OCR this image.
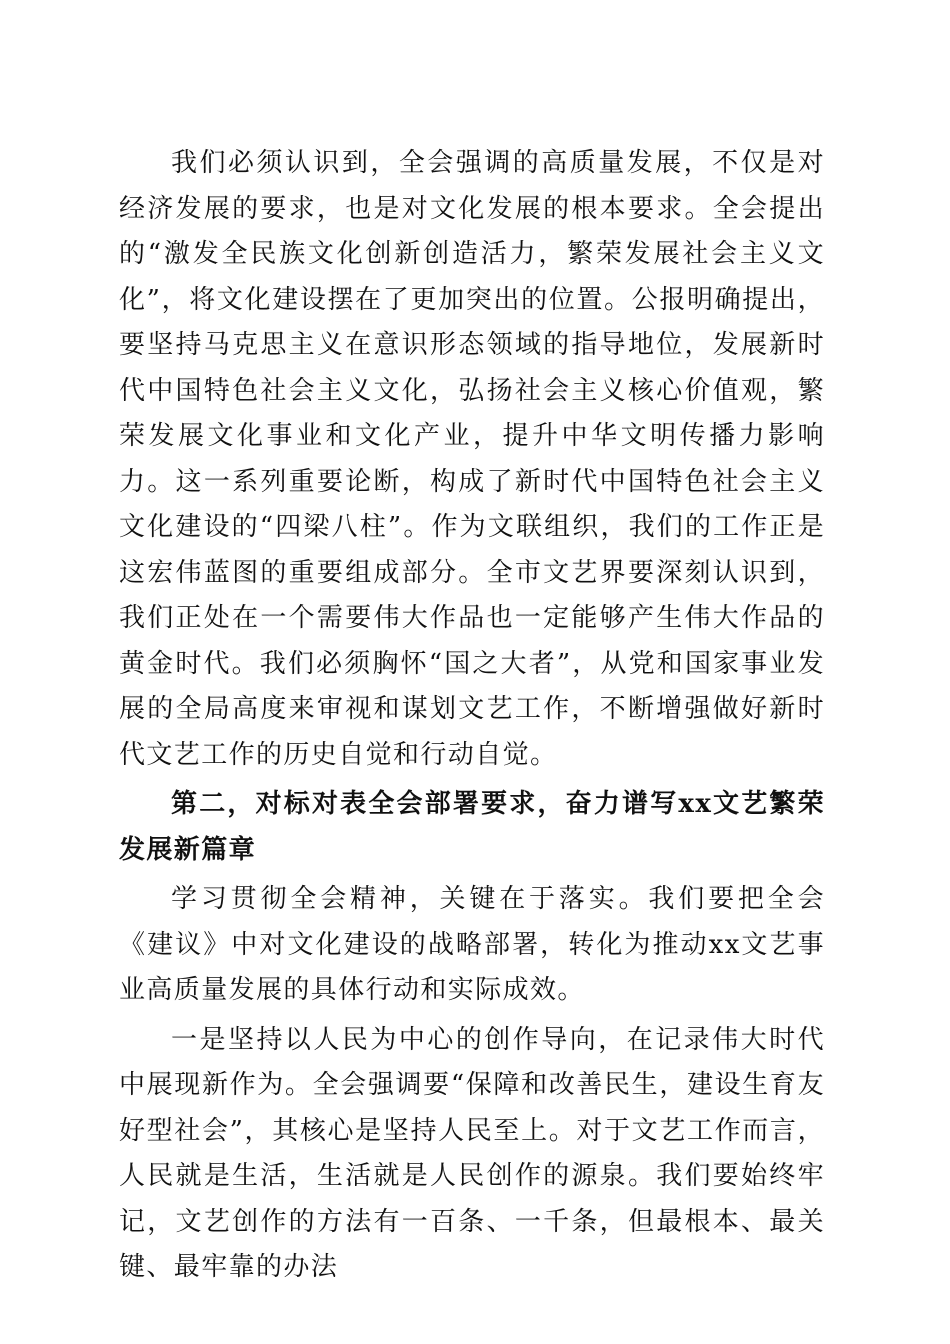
我们必须认识到，全会强调的高质量发展，不仅是对经济发展的要求，也是对文化发展的根本要求。全会提出的“激发全民族文化创新创造活力，繁荣发展社会主义文化”，将文化建设摆在了更加突出的位置。公报明确提出，要坚持马克思主义在意识形态领域的指导地位，发展新时代中国特色社会主义文化，弘扬社会主义核心价值观，繁荣发展文化事业和文化产业，提升中华文明传播力影响力。这一系列重要论断，构成了新时代中国特色社会主义文化建设的“四梁八柱”。作为文联组织，我们的工作正是这宏伟蓝图的重要组成部分。全市文艺界要深刻认识到，我们正处在一个需要伟大作品也一定能够产生伟大作品的黄金时代。我们必须胸怀“国之大者”，从党和国家事业发展的全局高度来审视和谋划文艺工作，不断增强做好新时代文艺工作的历史自觉和行动自觉。

第二，对标对表全会部署要求，奋力谱写xx文艺繁荣发展新篇章

学习贯彻全会精神，关键在于落实。我们要把全会《建议》中对文化建设的战略部署，转化为推动xx文艺事业高质量发展的具体行动和实际成效。

一是坚持以人民为中心的创作导向，在记录伟大时代中展现新作为。全会强调要“保障和改善民生，建设生育友好型社会”，其核心是坚持人民至上。对于文艺工作而言，人民就是生活，生活就是人民创作的源泉。我们要始终牢记，文艺创作的方法有一百条、一千条，但最根本、最关键、最牢靠的办法
